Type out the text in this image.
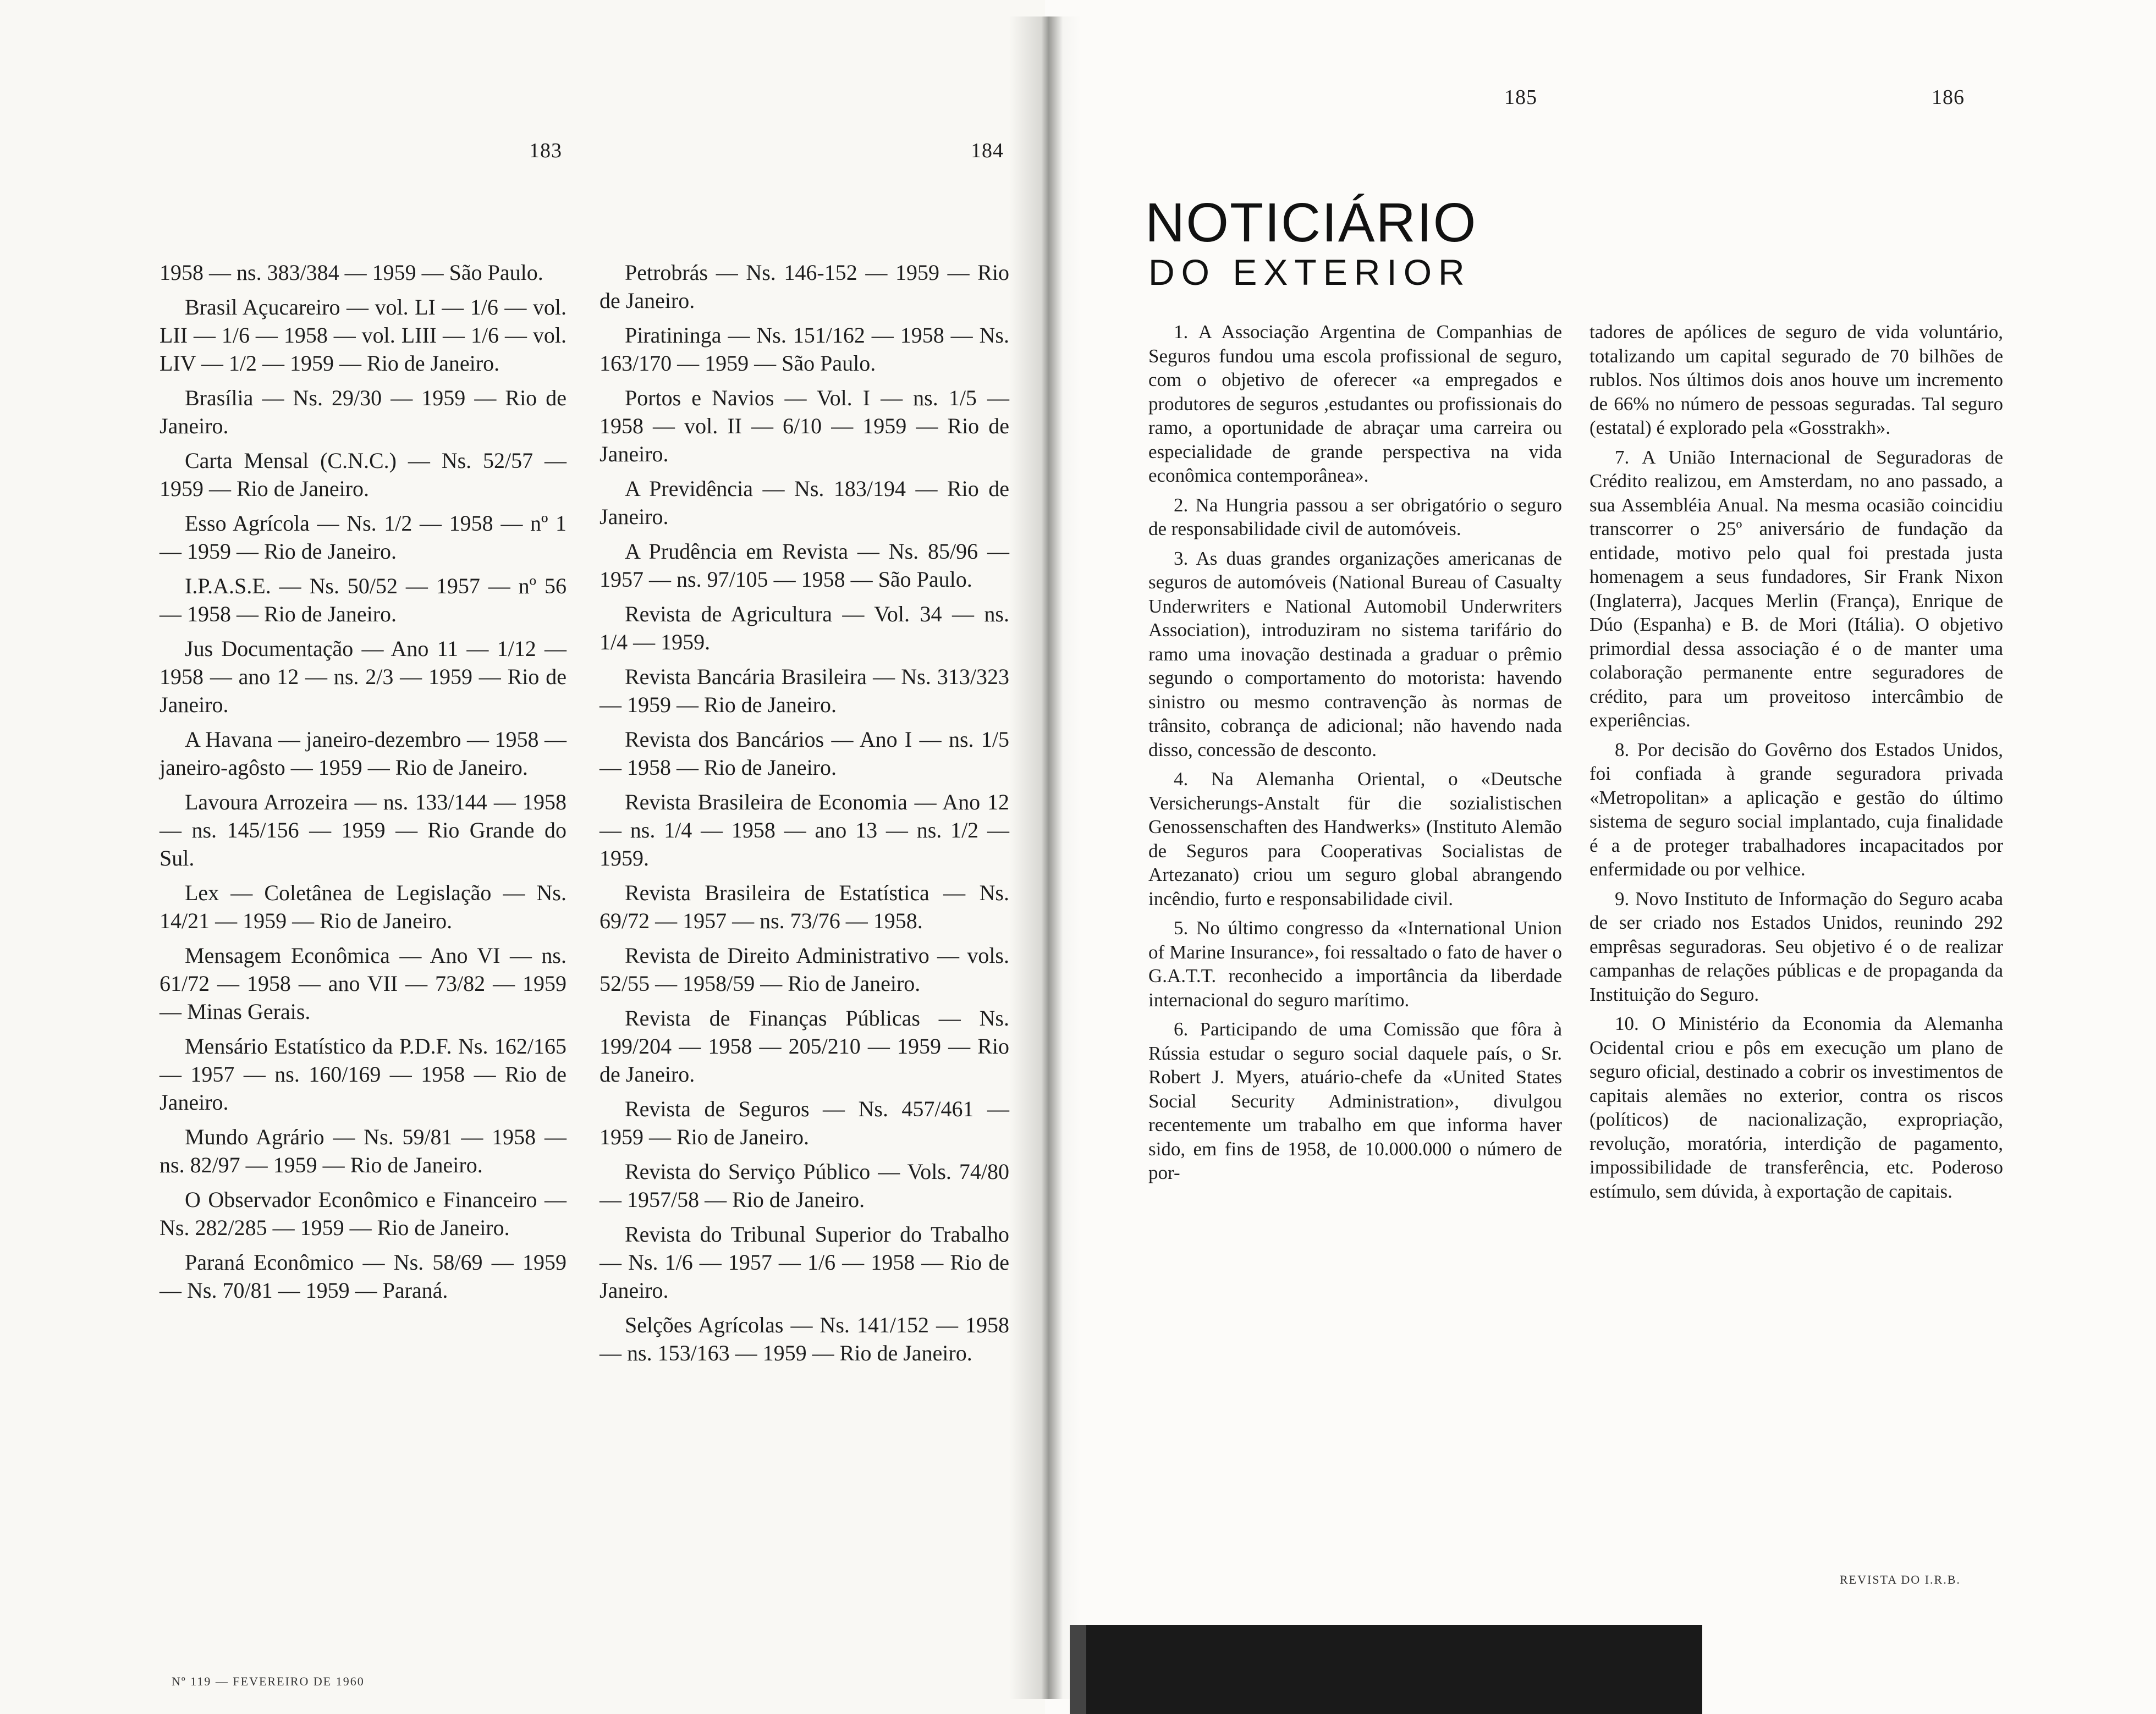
183	184

1958 — ns. 383/384 — 1959 — São Paulo.

Brasil Açucareiro — vol. LI — 1/6 — vol. LII — 1/6 — 1958 — vol. LIII — 1/6 — vol. LIV — 1/2 — 1959 — Rio de Janeiro.

Brasília — Ns. 29/30 — 1959 — Rio de Janeiro.

Carta Mensal (C.N.C.) — Ns. 52/57 — 1959 — Rio de Janeiro.

Esso Agrícola — Ns. 1/2 — 1958 — nº 1 — 1959 — Rio de Janeiro.

I.P.A.S.E. — Ns. 50/52 — 1957 — nº 56 — 1958 — Rio de Janeiro.

Jus Documentação — Ano 11 — 1/12 — 1958 — ano 12 — ns. 2/3 — 1959 — Rio de Janeiro.

A Havana — janeiro-dezembro — 1958 — janeiro-agôsto — 1959 — Rio de Janeiro.

Lavoura Arrozeira — ns. 133/144 — 1958 — ns. 145/156 — 1959 — Rio Grande do Sul.

Lex — Coletânea de Legislação — Ns. 14/21 — 1959 — Rio de Janeiro.

Mensagem Econômica — Ano VI — ns. 61/72 — 1958 — ano VII — 73/82 — 1959 — Minas Gerais.

Mensário Estatístico da P.D.F. Ns. 162/165 — 1957 — ns. 160/169 — 1958 — Rio de Janeiro.

Mundo Agrário — Ns. 59/81 — 1958 — ns. 82/97 — 1959 — Rio de Janeiro.

O Observador Econômico e Financeiro — Ns. 282/285 — 1959 — Rio de Janeiro.

Paraná Econômico — Ns. 58/69 — 1959 — Ns. 70/81 — 1959 — Paraná.

Petrobrás — Ns. 146-152 — 1959 — Rio de Janeiro.

Piratininga — Ns. 151/162 — 1958 — Ns. 163/170 — 1959 — São Paulo.

Portos e Navios — Vol. I — ns. 1/5 — 1958 — vol. II — 6/10 — 1959 — Rio de Janeiro.

A Previdência — Ns. 183/194 — Rio de Janeiro.

A Prudência em Revista — Ns. 85/96 — 1957 — ns. 97/105 — 1958 — São Paulo.

Revista de Agricultura — Vol. 34 — ns. 1/4 — 1959.

Revista Bancária Brasileira — Ns. 313/323 — 1959 — Rio de Janeiro.

Revista dos Bancários — Ano I — ns. 1/5 — 1958 — Rio de Janeiro.

Revista Brasileira de Economia — Ano 12 — ns. 1/4 — 1958 — ano 13 — ns. 1/2 — 1959.

Revista Brasileira de Estatística — Ns. 69/72 — 1957 — ns. 73/76 — 1958.

Revista de Direito Administrativo — vols. 52/55 — 1958/59 — Rio de Janeiro.

Revista de Finanças Públicas — Ns. 199/204 — 1958 — 205/210 — 1959 — Rio de Janeiro.

Revista de Seguros — Ns. 457/461 — 1959 — Rio de Janeiro.

Revista do Serviço Público — Vols. 74/80 — 1957/58 — Rio de Janeiro.

Revista do Tribunal Superior do Trabalho — Ns. 1/6 — 1957 — 1/6 — 1958 — Rio de Janeiro.

Selções Agrícolas — Ns. 141/152 — 1958 — ns. 153/163 — 1959 — Rio de Janeiro.

Nº 119 — FEVEREIRO DE 1960
185	186
NOTICIÁRIO
DO EXTERIOR

1. A Associação Argentina de Companhias de Seguros fundou uma escola profissional de seguro, com o objetivo de oferecer «a empregados e produtores de seguros ,estudantes ou profissionais do ramo, a oportunidade de abraçar uma carreira ou especialidade de grande perspectiva na vida econômica contemporânea».

2. Na Hungria passou a ser obrigatório o seguro de responsabilidade civil de automóveis.

3. As duas grandes organizações americanas de seguros de automóveis (National Bureau of Casualty Underwriters e National Automobil Underwriters Association), introduziram no sistema tarifário do ramo uma inovação destinada a graduar o prêmio segundo o comportamento do motorista: havendo sinistro ou mesmo contravenção às normas de trânsito, cobrança de adicional; não havendo nada disso, concessão de desconto.

4. Na Alemanha Oriental, o «Deutsche Versicherungs-Anstalt für die sozialistischen Genossenschaften des Handwerks» (Instituto Alemão de Seguros para Cooperativas Socialistas de Artezanato) criou um seguro global abrangendo incêndio, furto e responsabilidade civil.

5. No último congresso da «International Union of Marine Insurance», foi ressaltado o fato de haver o G.A.T.T. reconhecido a importância da liberdade internacional do seguro marítimo.

6. Participando de uma Comissão que fôra à Rússia estudar o seguro social daquele país, o Sr. Robert J. Myers, atuário-chefe da «United States Social Security Administration», divulgou recentemente um trabalho em que informa haver sido, em fins de 1958, de 10.000.000 o número de por-

tadores de apólices de seguro de vida voluntário, totalizando um capital segurado de 70 bilhões de rublos. Nos últimos dois anos houve um incremento de 66% no número de pessoas seguradas. Tal seguro (estatal) é explorado pela «Gosstrakh».

7. A União Internacional de Seguradoras de Crédito realizou, em Amsterdam, no ano passado, a sua Assembléia Anual. Na mesma ocasião coincidiu transcorrer o 25º aniversário de fundação da entidade, motivo pelo qual foi prestada justa homenagem a seus fundadores, Sir Frank Nixon (Inglaterra), Jacques Merlin (França), Enrique de Dúo (Espanha) e B. de Mori (Itália). O objetivo primordial dessa associação é o de manter uma colaboração permanente entre seguradores de crédito, para um proveitoso intercâmbio de experiências.

8. Por decisão do Govêrno dos Estados Unidos, foi confiada à grande seguradora privada «Metropolitan» a aplicação e gestão do último sistema de seguro social implantado, cuja finalidade é a de proteger trabalhadores incapacitados por enfermidade ou por velhice.

9. Novo Instituto de Informação do Seguro acaba de ser criado nos Estados Unidos, reunindo 292 emprêsas seguradoras. Seu objetivo é o de realizar campanhas de relações públicas e de propaganda da Instituição do Seguro.

10. O Ministério da Economia da Alemanha Ocidental criou e pôs em execução um plano de seguro oficial, destinado a cobrir os investimentos de capitais alemães no exterior, contra os riscos (políticos) de nacionalização, expropriação, revolução, moratória, interdição de pagamento, impossibilidade de transferência, etc. Poderoso estímulo, sem dúvida, à exportação de capitais.

REVISTA DO I.R.B.
